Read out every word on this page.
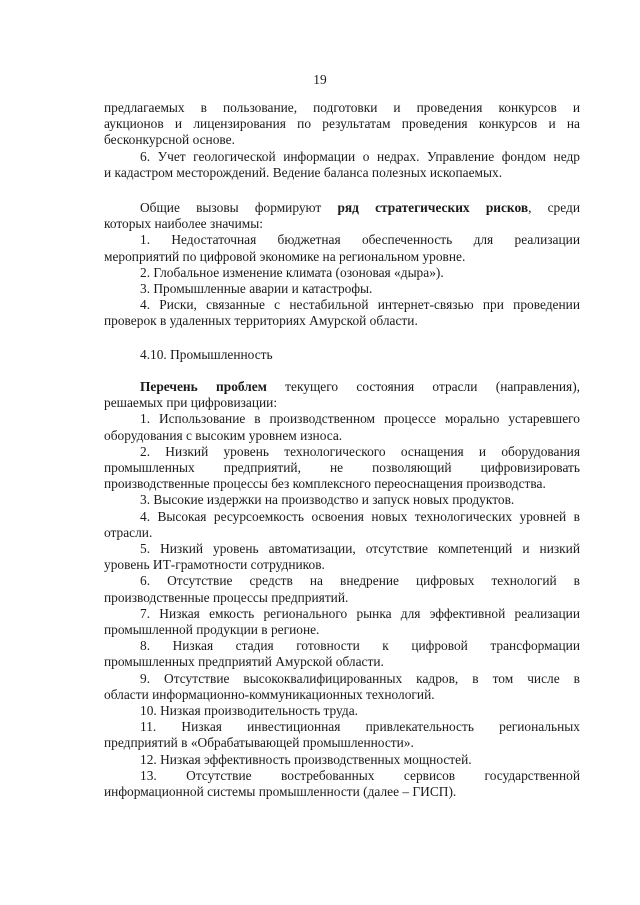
19
предлагаемых в пользование, подготовки и проведения конкурсов и
аукционов и лицензирования по результатам проведения конкурсов и на
бесконкурсной основе.
6. Учет геологической информации о недрах. Управление фондом недр
и кадастром месторождений. Ведение баланса полезных ископаемых.
Общие вызовы формируют ряд стратегических рисков, среди
которых наиболее значимы:
1. Недостаточная бюджетная обеспеченность для реализации
мероприятий по цифровой экономике на региональном уровне.
2. Глобальное изменение климата (озоновая «дыра»).
3. Промышленные аварии и катастрофы.
4. Риски, связанные с нестабильной интернет-связью при проведении
проверок в удаленных территориях Амурской области.
4.10. Промышленность
Перечень проблем текущего состояния отрасли (направления),
решаемых при цифровизации:
1. Использование в производственном процессе морально устаревшего
оборудования с высоким уровнем износа.
2. Низкий уровень технологического оснащения и оборудования
промышленных предприятий, не позволяющий цифровизировать
производственные процессы без комплексного переоснащения производства.
3. Высокие издержки на производство и запуск новых продуктов.
4. Высокая ресурсоемкость освоения новых технологических уровней в
отрасли.
5. Низкий уровень автоматизации, отсутствие компетенций и низкий
уровень ИТ-грамотности сотрудников.
6. Отсутствие средств на внедрение цифровых технологий в
производственные процессы предприятий.
7. Низкая емкость регионального рынка для эффективной реализации
промышленной продукции в регионе.
8. Низкая стадия готовности к цифровой трансформации
промышленных предприятий Амурской области.
9. Отсутствие высококвалифицированных кадров, в том числе в
области информационно-коммуникационных технологий.
10. Низкая производительность труда.
11. Низкая инвестиционная привлекательность региональных
предприятий в «Обрабатывающей промышленности».
12. Низкая эффективность производственных мощностей.
13. Отсутствие востребованных сервисов государственной
информационной системы промышленности (далее – ГИСП).
